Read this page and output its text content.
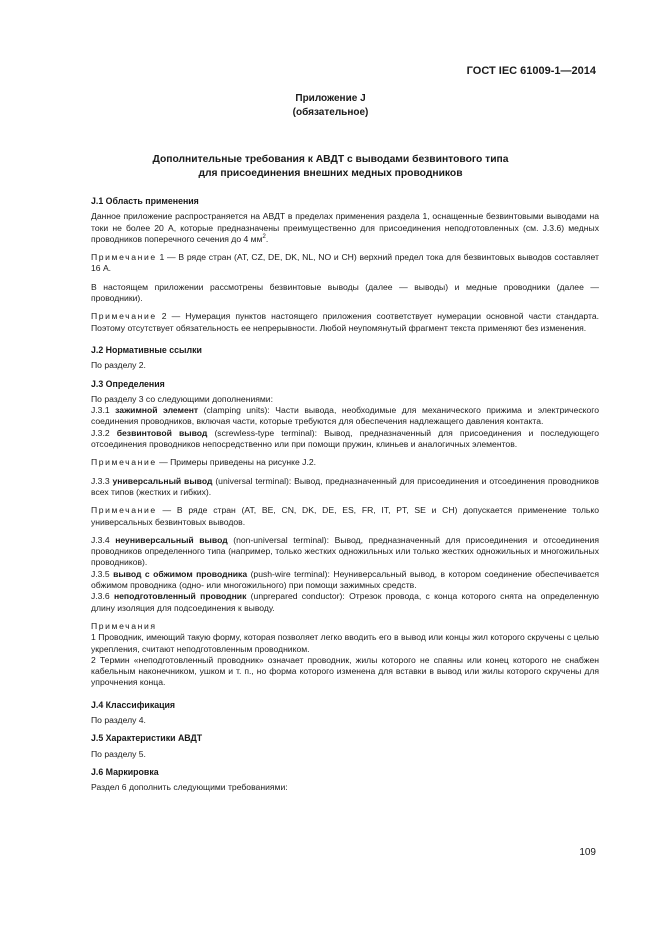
ГОСТ IEC 61009-1—2014
Приложение J
(обязательное)
Дополнительные требования к АВДТ с выводами безвинтового типа
для присоединения внешних медных проводников

J.1 Область применения

Данное приложение распространяется на АВДТ в пределах применения раздела 1, оснащенные безвинтовыми выводами на токи не более 20 А, которые предназначены преимущественно для присоединения неподготовленных (см. J.3.6) медных проводников поперечного сечения до 4 $мм^2$.

Примечание 1 — В ряде стран (AT, CZ, DE, DK, NL, NO и CH) верхний предел тока для безвинтовых выводов составляет 16 А.

В настоящем приложении рассмотрены безвинтовые выводы (далее — выводы) и медные проводники (далее — проводники).

Примечание 2 — Нумерация пунктов настоящего приложения соответствует нумерации основной части стандарта. Поэтому отсутствует обязательность ее непрерывности. Любой неупомянутый фрагмент текста применяют без изменения.

J.2 Нормативные ссылки

По разделу 2.

J.3 Определения

По разделу 3 со следующими дополнениями:

J.3.1 зажимной элемент (clamping units): Части вывода, необходимые для механического прижима и электрического соединения проводников, включая части, которые требуются для обеспечения надлежащего давления контакта.

J.3.2 безвинтовой вывод (screwless-type terminal): Вывод, предназначенный для присоединения и последующего отсоединения проводников непосредственно или при помощи пружин, клиньев и аналогичных элементов.

Примечание — Примеры приведены на рисунке J.2.

J.3.3 универсальный вывод (universal terminal): Вывод, предназначенный для присоединения и отсоединения проводников всех типов (жестких и гибких).

Примечание — В ряде стран (AT, BE, CN, DK, DE, ES, FR, IT, PT, SE и CH) допускается применение только универсальных безвинтовых выводов.

J.3.4 неуниверсальный вывод (non-universal terminal): Вывод, предназначенный для присоединения и отсоединения проводников определенного типа (например, только жестких одножильных или только жестких одножильных и многожильных проводников).

J.3.5 вывод с обжимом проводника (push-wire terminal): Неуниверсальный вывод, в котором соединение обеспечивается обжимом проводника (одно- или многожильного) при помощи зажимных средств.

J.3.6 неподготовленный проводник (unprepared conductor): Отрезок провода, с конца которого снята на определенную длину изоляция для подсоединения к выводу.

Примечания

1 Проводник, имеющий такую форму, которая позволяет легко вводить его в вывод или концы жил которого скручены с целью укрепления, считают неподготовленным проводником.

2 Термин «неподготовленный проводник» означает проводник, жилы которого не спаяны или конец которого не снабжен кабельным наконечником, ушком и т. п., но форма которого изменена для вставки в вывод или жилы которого скручены для упрочнения конца.

J.4 Классификация

По разделу 4.

J.5 Характеристики АВДТ

По разделу 5.

J.6 Маркировка

Раздел 6 дополнить следующими требованиями:

109
